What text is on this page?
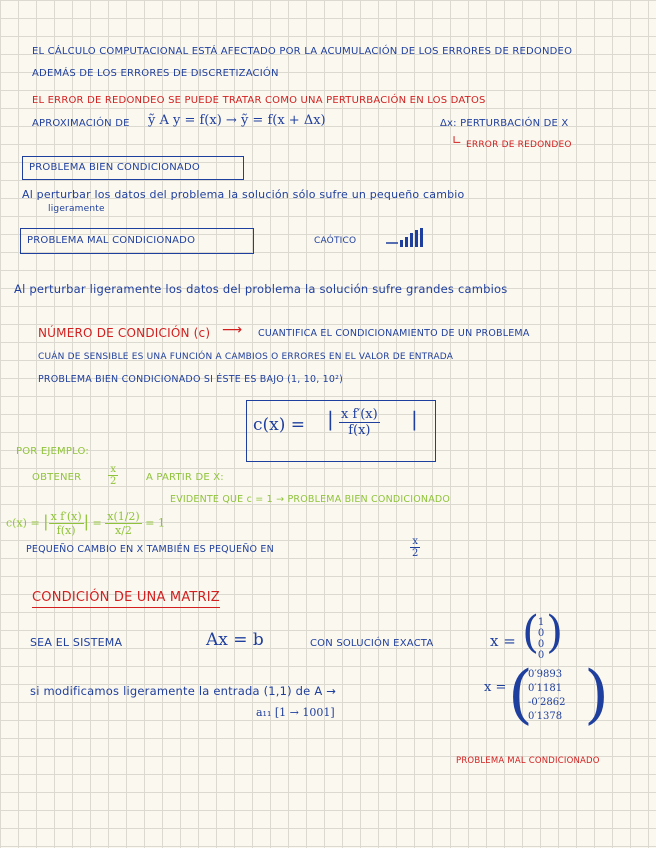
EL CÁLCULO COMPUTACIONAL ESTÁ AFECTADO POR LA ACUMULACIÓN DE LOS ERRORES DE REDONDEO
ADEMÁS DE LOS ERRORES DE DISCRETIZACIÓN
EL ERROR DE REDONDEO SE PUEDE TRATAR COMO UNA PERTURBACIÓN EN LOS DATOS
APROXIMACIÓN DE ỹ A y = f(x) → ỹ = f(x + Δx)	Δx: PERTURBACIÓN DE X
∟ ERROR DE REDONDEO
PROBLEMA BIEN CONDICIONADO
Al perturbar los datos del problema la solución sólo sufre un pequeño cambio
ligeramente
PROBLEMA MAL CONDICIONADO	CAÓTICO
Al perturbar ligeramente los datos del problema la solución sufre grandes cambios
NÚMERO DE CONDICIÓN (c) ⟶ CUANTIFICA EL CONDICIONAMIENTO DE UN PROBLEMA
CUÁN DE SENSIBLE ES UNA FUNCIÓN A CAMBIOS O ERRORES EN EL VALOR DE ENTRADA
PROBLEMA BIEN CONDICIONADO SI ÉSTE ES BAJO (1, 10, 10²)
c(x) = | $\frac{\text{x f′(x)}}{f(x)}$ |
POR EJEMPLO:
OBTENER	$\frac{x}{2}$	A PARTIR DE X:
EVIDENTE QUE c = 1 → PROBLEMA BIEN CONDICIONADO
c(x) = | $\frac{\text{x f′(x)}}{f(x)}$ | = $\frac{x(1/2)}{x/2} = 1$
PEQUEÑO CAMBIO EN X TAMBIÉN ES PEQUEÑO EN	$\frac{x}{2}$
CONDICIÓN DE UNA MATRIZ
SEA EL SISTEMA	Ax = b	CON SOLUCIÓN EXACTA	x = (
1
0
0
0 )
si modificamos ligeramente la entrada (1,1) de A →	x = (
0′9893
0′1181
-0′2862
0′1378 )
a₁₁ [1 → 1001]
PROBLEMA MAL CONDICIONADO
